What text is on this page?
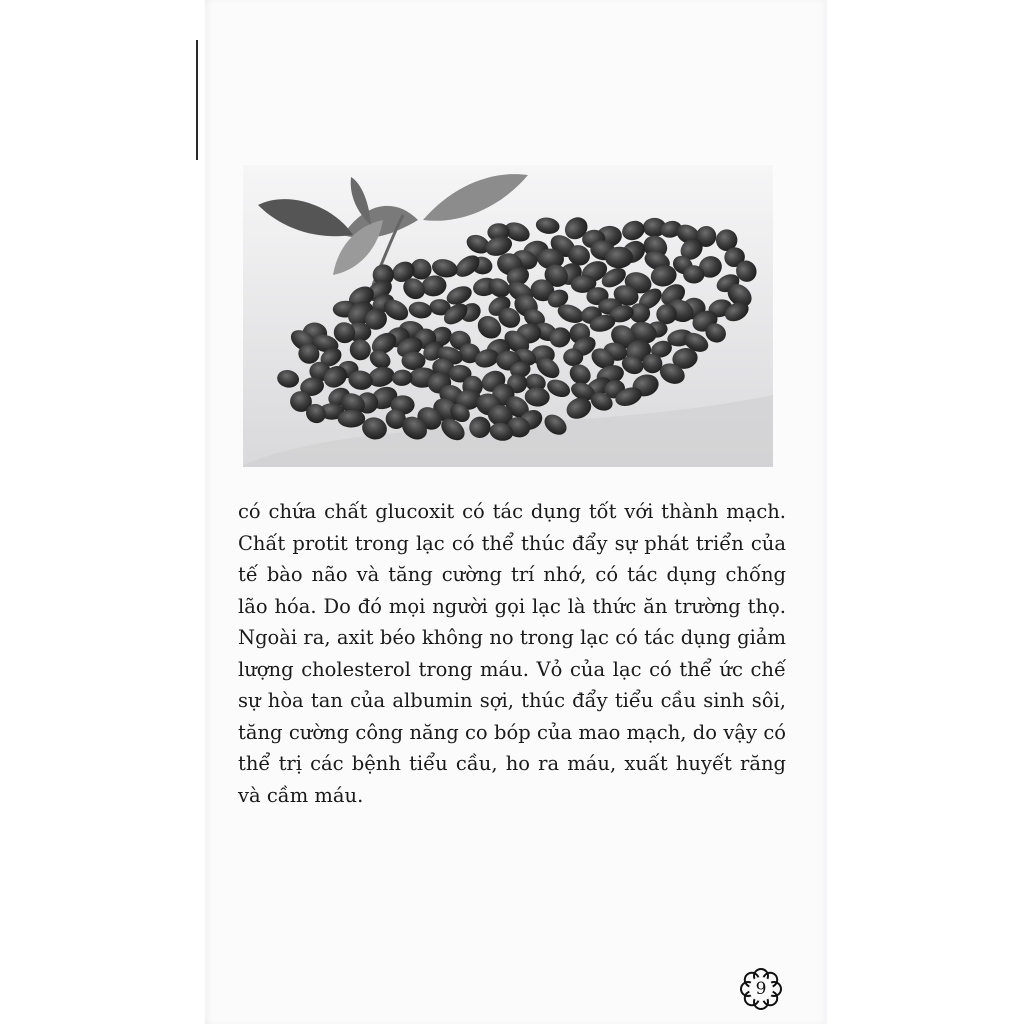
có chứa chất glucoxit có tác dụng tốt với thành mạch. Chất protit trong lạc có thể thúc đẩy sự phát triển của tế bào não và tăng cường trí nhớ, có tác dụng chống lão hóa. Do đó mọi người gọi lạc là thức ăn trường thọ. Ngoài ra, axit béo không no trong lạc có tác dụng giảm lượng cholesterol trong máu. Vỏ của lạc có thể ức chế sự hòa tan của albumin sợi, thúc đẩy tiểu cầu sinh sôi, tăng cường công năng co bóp của mao mạch, do vậy có thể trị các bệnh tiểu cầu, ho ra máu, xuất huyết răng và cầm máu.

9
